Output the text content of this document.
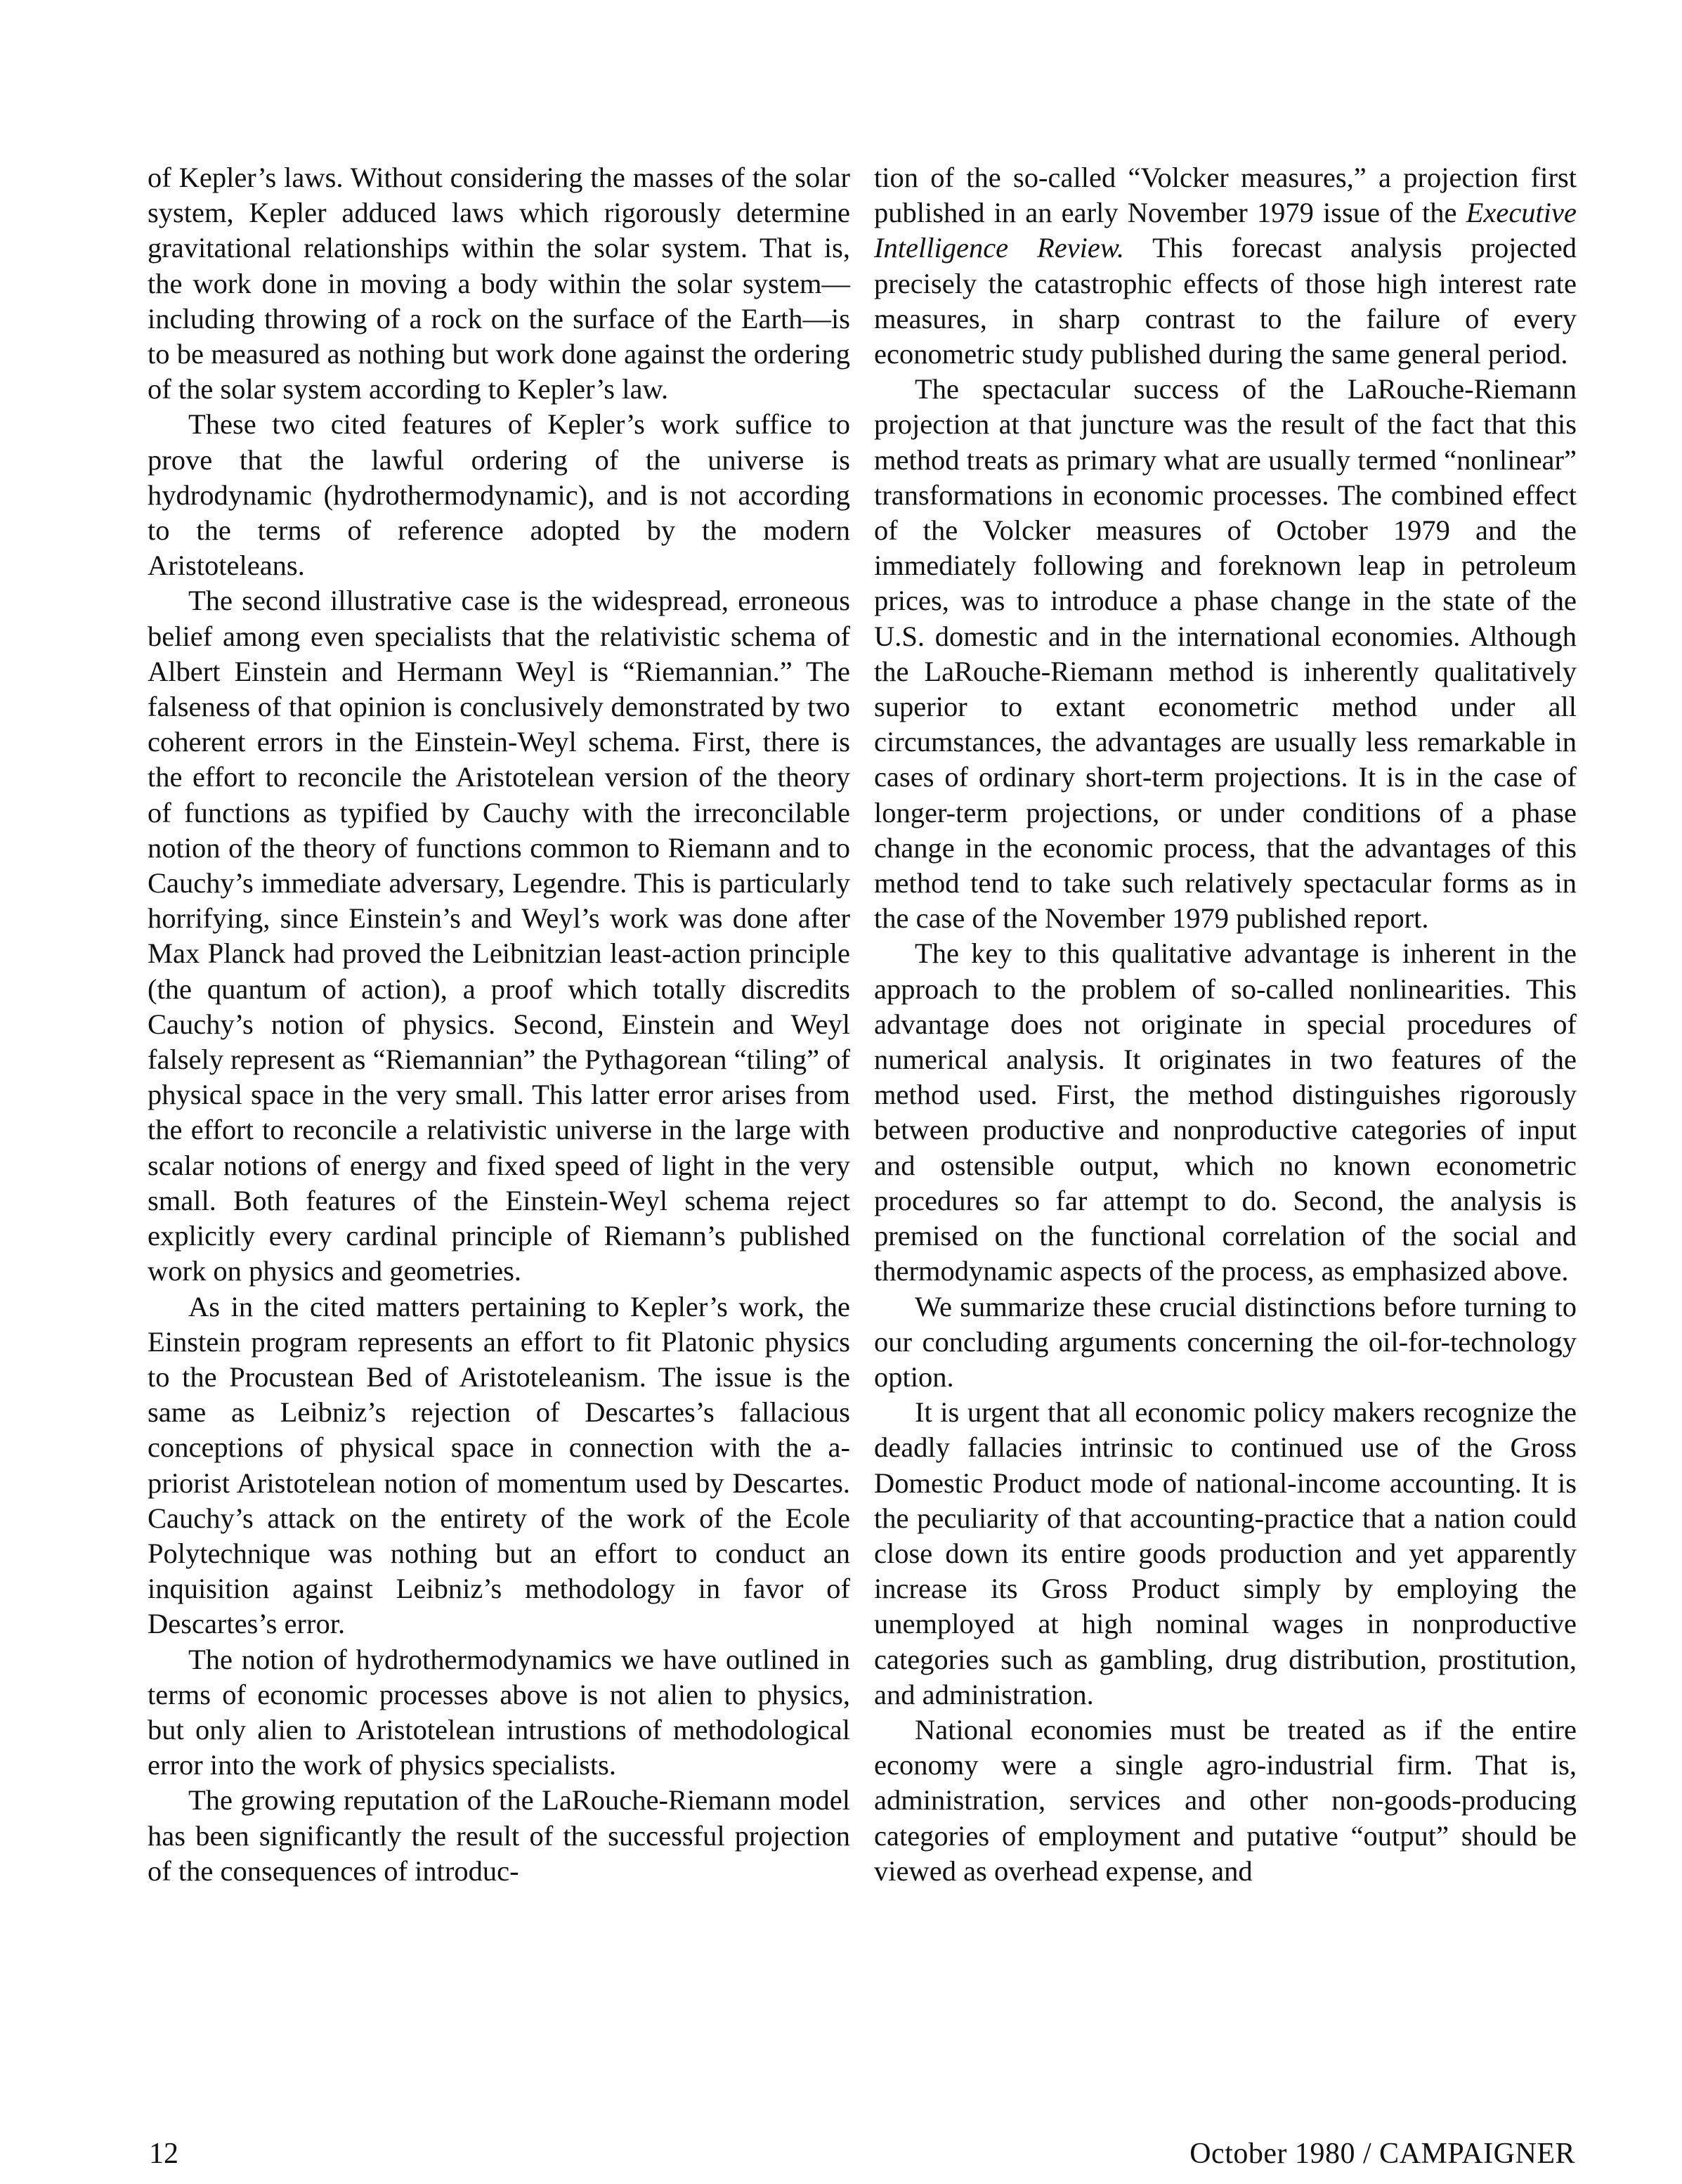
of Kepler’s laws. Without considering the masses of the solar system, Kepler adduced laws which rigorously determine gravitational relationships within the solar system. That is, the work done in moving a body within the solar system—including throwing of a rock on the surface of the Earth—is to be measured as nothing but work done against the ordering of the solar system according to Kepler’s law.

These two cited features of Kepler’s work suffice to prove that the lawful ordering of the universe is hydrodynamic (hydrothermodynamic), and is not according to the terms of reference adopted by the modern Aristoteleans.

The second illustrative case is the widespread, erroneous belief among even specialists that the relativistic schema of Albert Einstein and Hermann Weyl is “Riemannian.” The falseness of that opinion is conclusively demonstrated by two coherent errors in the Einstein-Weyl schema. First, there is the effort to reconcile the Aristotelean version of the theory of functions as typified by Cauchy with the irreconcilable notion of the theory of functions common to Riemann and to Cauchy’s immediate adversary, Legendre. This is particularly horrifying, since Einstein’s and Weyl’s work was done after Max Planck had proved the Leibnitzian least-action principle (the quantum of action), a proof which totally discredits Cauchy’s notion of physics. Second, Einstein and Weyl falsely represent as “Riemannian” the Pythagorean “tiling” of physical space in the very small. This latter error arises from the effort to reconcile a relativistic universe in the large with scalar notions of energy and fixed speed of light in the very small. Both features of the Einstein-Weyl schema reject explicitly every cardinal principle of Riemann’s published work on physics and geometries.

As in the cited matters pertaining to Kepler’s work, the Einstein program represents an effort to fit Platonic physics to the Procustean Bed of Aristoteleanism. The issue is the same as Leibniz’s rejection of Descartes’s fallacious conceptions of physical space in connection with the a-priorist Aristotelean notion of momentum used by Descartes. Cauchy’s attack on the entirety of the work of the Ecole Polytechnique was nothing but an effort to conduct an inquisition against Leibniz’s methodology in favor of Descartes’s error.

The notion of hydrothermodynamics we have outlined in terms of economic processes above is not alien to physics, but only alien to Aristotelean intrustions of methodological error into the work of physics specialists.

The growing reputation of the LaRouche-Riemann model has been significantly the result of the successful projection of the consequences of introduc-

tion of the so-called “Volcker measures,” a projection first published in an early November 1979 issue of the Executive Intelligence Review. This forecast analysis projected precisely the catastrophic effects of those high interest rate measures, in sharp contrast to the failure of every econometric study published during the same general period.

The spectacular success of the LaRouche-Riemann projection at that juncture was the result of the fact that this method treats as primary what are usually termed “nonlinear” transformations in economic processes. The combined effect of the Volcker measures of October 1979 and the immediately following and foreknown leap in petroleum prices, was to introduce a phase change in the state of the U.S. domestic and in the international economies. Although the LaRouche-Riemann method is inherently qualitatively superior to extant econometric method under all circumstances, the advantages are usually less remarkable in cases of ordinary short-term projections. It is in the case of longer-term projections, or under conditions of a phase change in the economic process, that the advantages of this method tend to take such relatively spectacular forms as in the case of the November 1979 published report.

The key to this qualitative advantage is inherent in the approach to the problem of so-called nonlinearities. This advantage does not originate in special procedures of numerical analysis. It originates in two features of the method used. First, the method distinguishes rigorously between productive and nonproductive categories of input and ostensible output, which no known econometric procedures so far attempt to do. Second, the analysis is premised on the functional correlation of the social and thermodynamic aspects of the process, as emphasized above.

We summarize these crucial distinctions before turning to our concluding arguments concerning the oil-for-technology option.

It is urgent that all economic policy makers recognize the deadly fallacies intrinsic to continued use of the Gross Domestic Product mode of national-income accounting. It is the peculiarity of that accounting-practice that a nation could close down its entire goods production and yet apparently increase its Gross Product simply by employing the unemployed at high nominal wages in nonproductive categories such as gambling, drug distribution, prostitution, and administration.

National economies must be treated as if the entire economy were a single agro-industrial firm. That is, administration, services and other non-goods-producing categories of employment and putative “output” should be viewed as overhead expense, and

12	October 1980 / CAMPAIGNER
